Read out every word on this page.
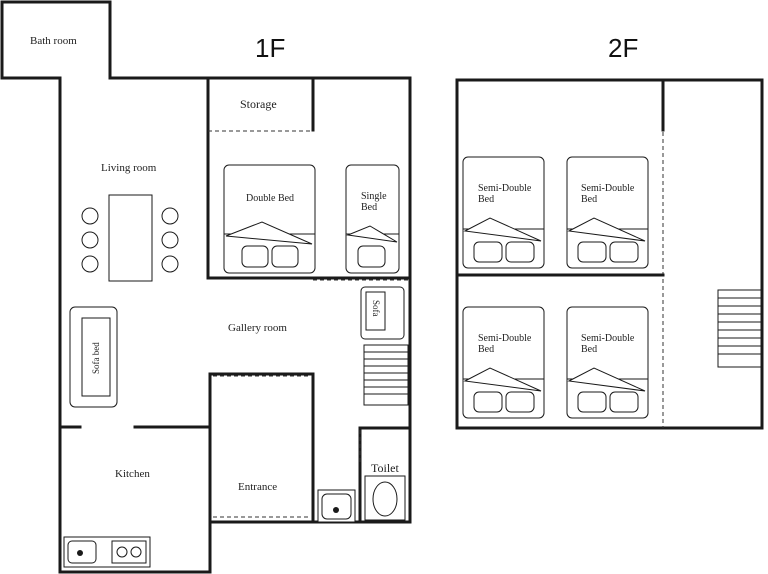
1F
Bath room
Storage
Living room
Gallery room
Kitchen
Entrance
Toilet
Double Bed	Single
Bed
Sofa bed
Sofa
2F
Semi-Double
Bed
Semi-Double
Bed
Semi-Double
Bed
Semi-Double
Bed
